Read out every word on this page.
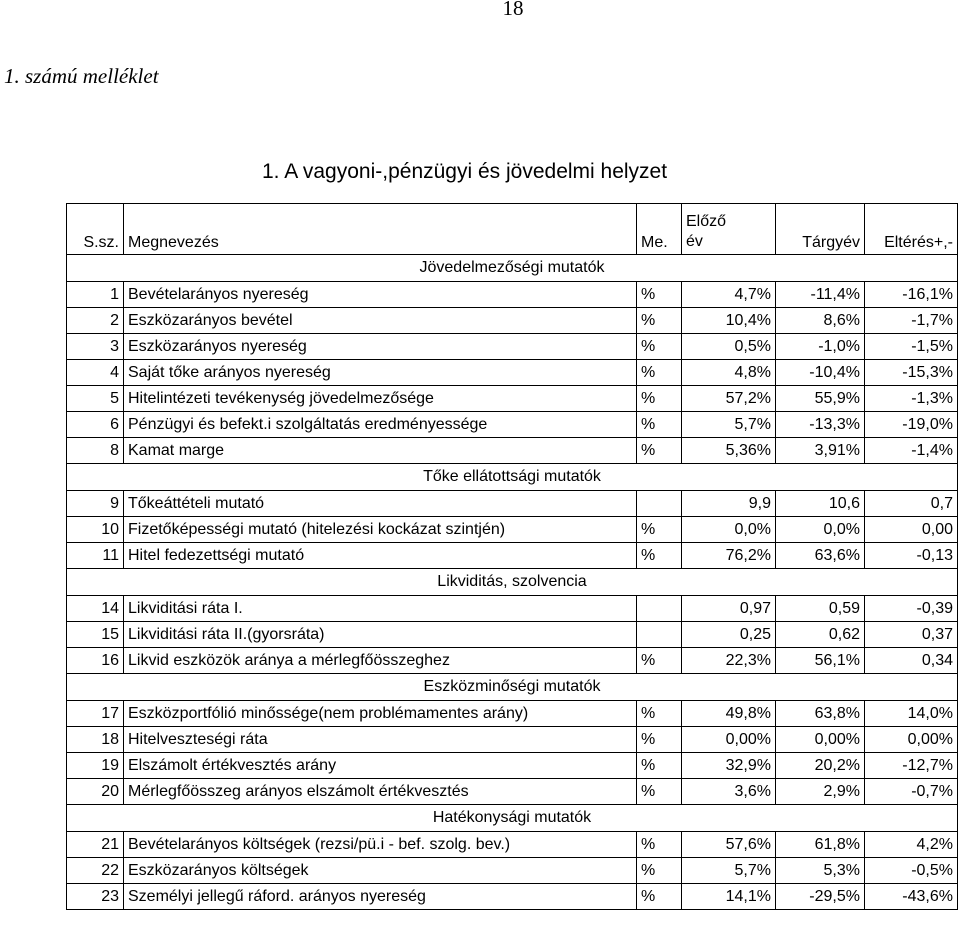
18
1. számú melléklet
1. A vagyoni-,pénzügyi és jövedelmi helyzet
S.sz.	Megnevezés	Me.	Előző
év	Tárgyév	Eltérés+,-
Jövedelmezőségi mutatók					
1	Bevételarányos nyereség	%	4,7%	-11,4%	-16,1%
2	Eszközarányos bevétel	%	10,4%	8,6%	-1,7%
3	Eszközarányos nyereség	%	0,5%	-1,0%	-1,5%
4	Saját tőke arányos nyereség	%	4,8%	-10,4%	-15,3%
5	Hitelintézeti tevékenység jövedelmezősége	%	57,2%	55,9%	-1,3%
6	Pénzügyi és befekt.i szolgáltatás eredményessége	%	5,7%	-13,3%	-19,0%
8	Kamat marge	%	5,36%	3,91%	-1,4%
Tőke ellátottsági mutatók					
9	Tőkeáttételi mutató		9,9	10,6	0,7
10	Fizetőképességi mutató (hitelezési kockázat szintjén)	%	0,0%	0,0%	0,00
11	Hitel fedezettségi mutató	%	76,2%	63,6%	-0,13
Likviditás, szolvencia					
14	Likviditási ráta I.		0,97	0,59	-0,39
15	Likviditási ráta II.(gyorsráta)		0,25	0,62	0,37
16	Likvid eszközök aránya a mérlegfőösszeghez	%	22,3%	56,1%	0,34
Eszközminőségi mutatók					
17	Eszközportfólió minőssége(nem problémamentes arány)	%	49,8%	63,8%	14,0%
18	Hitelveszteségi ráta	%	0,00%	0,00%	0,00%
19	Elszámolt értékvesztés arány	%	32,9%	20,2%	-12,7%
20	Mérlegfőösszeg arányos elszámolt értékvesztés	%	3,6%	2,9%	-0,7%
Hatékonysági mutatók					
21	Bevételarányos költségek (rezsi/pü.i - bef. szolg. bev.)	%	57,6%	61,8%	4,2%
22	Eszközarányos költségek	%	5,7%	5,3%	-0,5%
23	Személyi jellegű ráford. arányos nyereség	%	14,1%	-29,5%	-43,6%
